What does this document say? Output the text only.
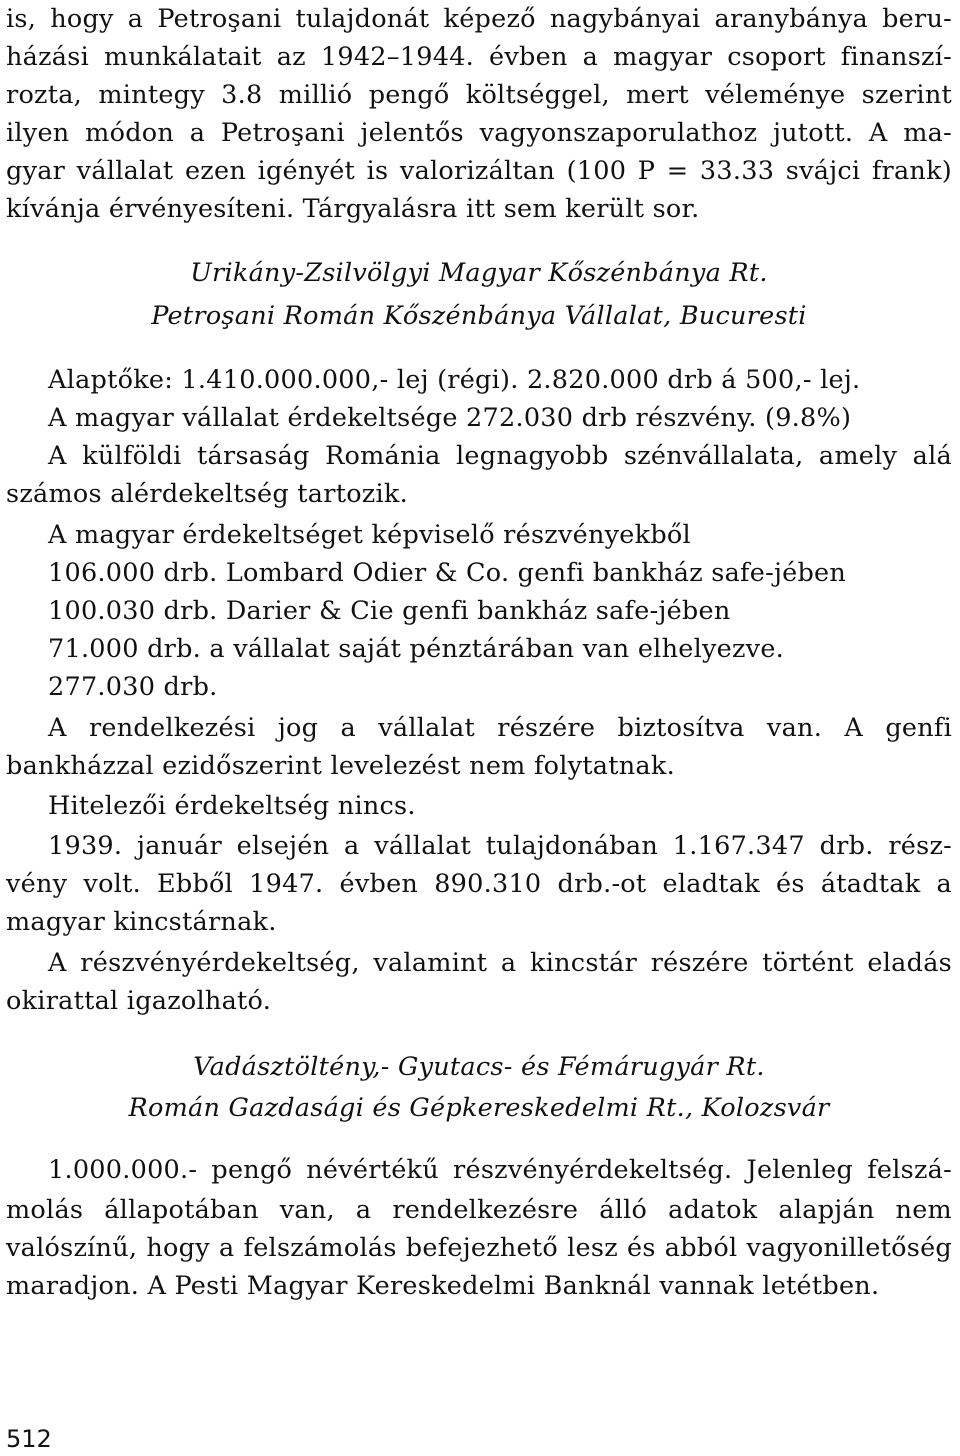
is, hogy a Petroşani tulajdonát képező nagybányai aranybánya beru-
házási munkálatait az 1942–1944. évben a magyar csoport finanszí-
rozta, mintegy 3.8 millió pengő költséggel, mert véleménye szerint
ilyen módon a Petroşani jelentős vagyonszaporulathoz jutott. A ma-
gyar vállalat ezen igényét is valorizáltan (100 P = 33.33 svájci frank)
kívánja érvényesíteni. Tárgyalásra itt sem került sor.
Urikány-Zsilvölgyi Magyar Kőszénbánya Rt.
Petroşani Román Kőszénbánya Vállalat, Bucuresti
Alaptőke: 1.410.000.000,- lej (régi). 2.820.000 drb á 500,- lej.
A magyar vállalat érdekeltsége 272.030 drb részvény. (9.8%)
A külföldi társaság Románia legnagyobb szénvállalata, amely alá
számos alérdekeltség tartozik.
A magyar érdekeltséget képviselő részvényekből
106.000 drb. Lombard Odier & Co. genfi bankház safe-jében
100.030 drb. Darier & Cie genfi bankház safe-jében
71.000 drb. a vállalat saját pénztárában van elhelyezve.
277.030 drb.
A rendelkezési jog a vállalat részére biztosítva van. A genfi
bankházzal ezidőszerint levelezést nem folytatnak.
Hitelezői érdekeltség nincs.
1939. január elsején a vállalat tulajdonában 1.167.347 drb. rész-
vény volt. Ebből 1947. évben 890.310 drb.-ot eladtak és átadtak a
magyar kincstárnak.
A részvényérdekeltség, valamint a kincstár részére történt eladás
okirattal igazolható.
Vadásztöltény,- Gyutacs- és Fémárugyár Rt.
Román Gazdasági és Gépkereskedelmi Rt., Kolozsvár
1.000.000.- pengő névértékű részvényérdekeltség. Jelenleg felszá-
molás állapotában van, a rendelkezésre álló adatok alapján nem
valószínű, hogy a felszámolás befejezhető lesz és abból vagyonilletőség
maradjon. A Pesti Magyar Kereskedelmi Banknál vannak letétben.
512
